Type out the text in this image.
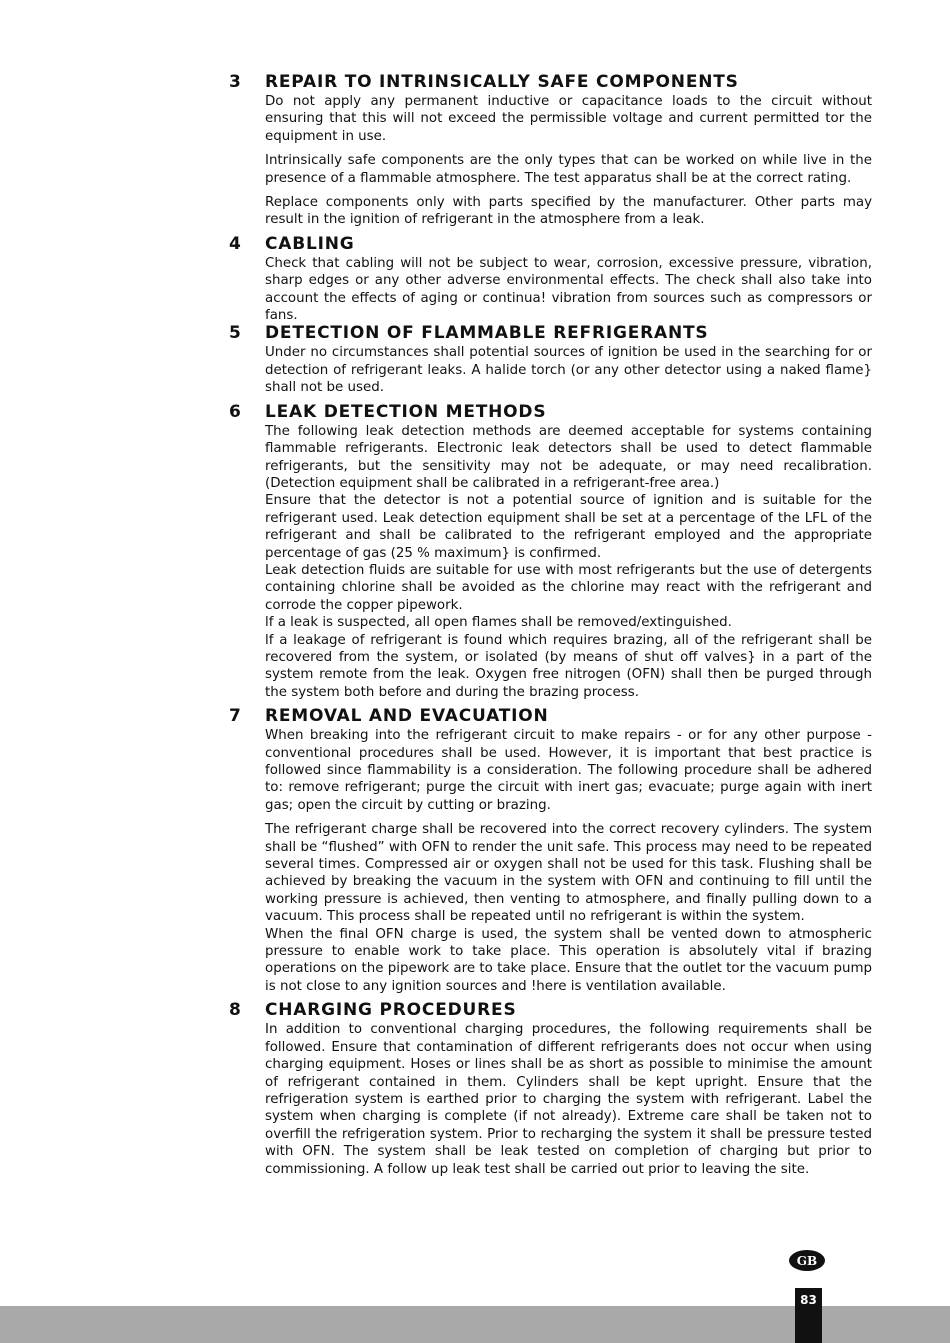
3	REPAIR TO INTRINSICALLY SAFE COMPONENTS

Do not apply any permanent inductive or capacitance loads to the circuit without ensuring that this will not exceed the permissible voltage and current permitted tor the equipment in use.

Intrinsically safe components are the only types that can be worked on while live in the presence of a flammable atmosphere. The test apparatus shall be at the correct rating.

Replace components only with parts specified by the manufacturer. Other parts may result in the ignition of refrigerant in the atmosphere from a leak.

4	CABLING

Check that cabling will not be subject to wear, corrosion, excessive pressure, vibration, sharp edges or any other adverse environmental effects. The check shall also take into account the effects of aging or continua! vibration from sources such as compressors or fans.

5	DETECTION OF FLAMMABLE REFRIGERANTS

Under no circumstances shall potential sources of ignition be used in the searching for or detection of refrigerant leaks. A halide torch (or any other detector using a naked flame} shall not be used.

6	LEAK DETECTION METHODS

The following leak detection methods are deemed acceptable for systems containing flammable refrigerants. Electronic leak detectors shall be used to detect flammable refrigerants, but the sensitivity may not be adequate, or may need recalibration. (Detection equipment shall be calibrated in a refrigerant-free area.)

Ensure that the detector is not a potential source of ignition and is suitable for the refrigerant used. Leak detection equipment shall be set at a percentage of the LFL of the refrigerant and shall be calibrated to the refrigerant employed and the appropriate percentage of gas (25 % maximum} is confirmed.

Leak detection fluids are suitable for use with most refrigerants but the use of detergents containing chlorine shall be avoided as the chlorine may react with the refrigerant and corrode the copper pipework.

lf a leak is suspected, all open flames shall be removed/extinguished.

lf a leakage of refrigerant is found which requires brazing, all of the refrigerant shall be recovered from the system, or isolated (by means of shut off valves} in a part of the system remote from the leak. Oxygen free nitrogen (OFN) shall then be purged through the system both before and during the brazing process.

7	REMOVAL AND EVACUATION

When breaking into the refrigerant circuit to make repairs - or for any other purpose - conventional procedures shall be used. However, it is important that best practice is followed since flammability is a consideration. The following procedure shall be adhered to: remove refrigerant; purge the circuit with inert gas; evacuate; purge again with inert gas; open the circuit by cutting or brazing.

The refrigerant charge shall be recovered into the correct recovery cylinders. The system shall be “flushed” with OFN to render the unit safe. This process may need to be repeated several times. Compressed air or oxygen shall not be used for this task. Flushing shall be achieved by breaking the vacuum in the system with OFN and continuing to fill until the working pressure is achieved, then venting to atmosphere, and finally pulling down to a vacuum. This process shall be repeated until no refrigerant is within the system.

When the final OFN charge is used, the system shall be vented down to atmospheric pressure to enable work to take place. This operation is absolutely vital if brazing operations on the pipework are to take place. Ensure that the outlet tor the vacuum pump is not close to any ignition sources and !here is ventilation available.

8	CHARGING PROCEDURES

In addition to conventional charging procedures, the following requirements shall be followed. Ensure that contamination of different refrigerants does not occur when using charging equipment. Hoses or lines shall be as short as possible to minimise the amount of refrigerant contained in them. Cylinders shall be kept upright. Ensure that the refrigeration system is earthed prior to charging the system with refrigerant. Label the system when charging is complete (if not already). Extreme care shall be taken not to overfill the refrigeration system. Prior to recharging the system it shall be pressure tested with OFN. The system shall be leak tested on completion of charging but prior to commissioning. A follow up leak test shall be carried out prior to leaving the site.

GB
83
